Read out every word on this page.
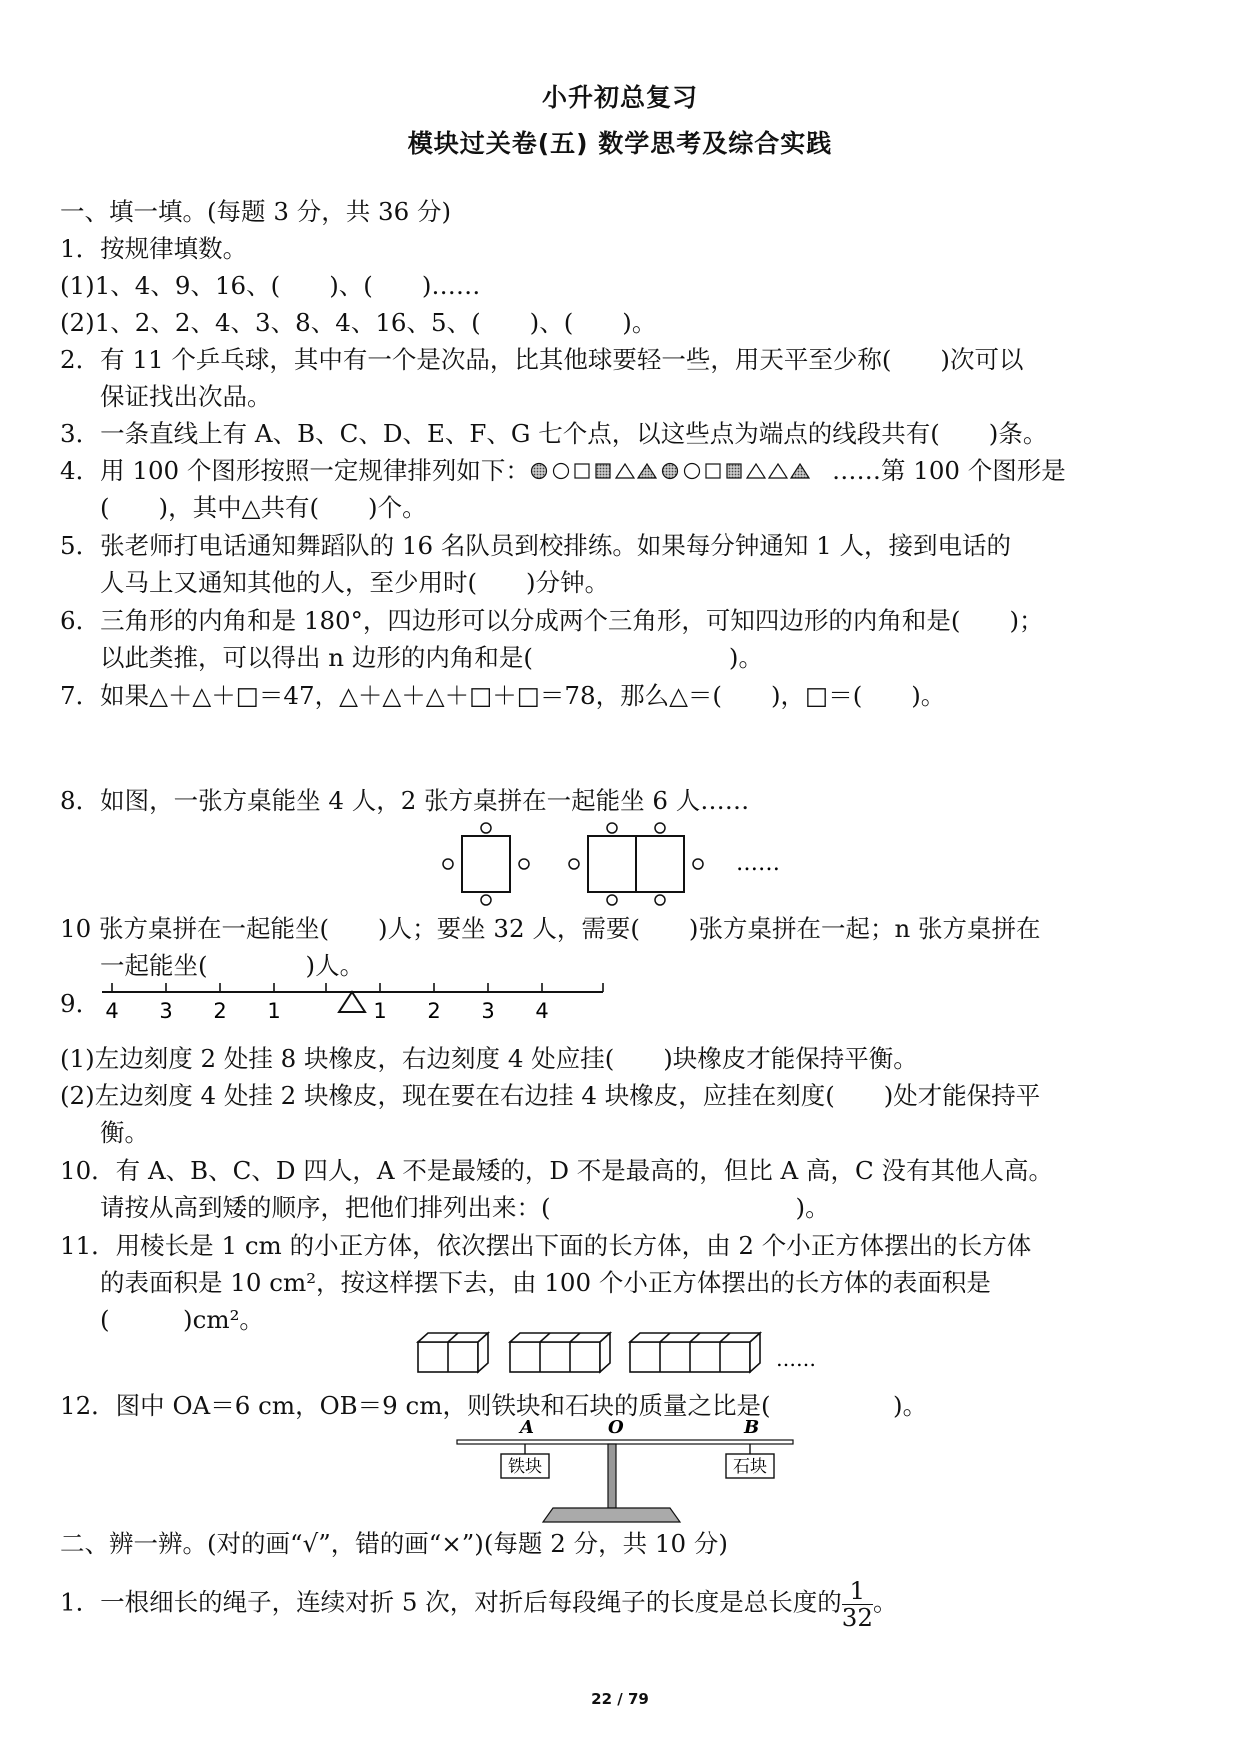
小升初总复习
模块过关卷(五) 数学思考及综合实践
一、填一填。(每题 3 分，共 36 分)
1．按规律填数。
(1)1、4、9、16、(　　)、(　　)……
(2)1、2、2、4、3、8、4、16、5、(　　)、(　　)。
2．有 11 个乒乓球，其中有一个是次品，比其他球要轻一些，用天平至少称(　　)次可以
保证找出次品。
3．一条直线上有 A、B、C、D、E、F、G 七个点，以这些点为端点的线段共有(　　)条。
4．用 100 个图形按照一定规律排列如下：	……第 100 个图形是
(　　)，其中△共有(　　)个。
5．张老师打电话通知舞蹈队的 16 名队员到校排练。如果每分钟通知 1 人，接到电话的
人马上又通知其他的人，至少用时(　　)分钟。
6．三角形的内角和是 180°，四边形可以分成两个三角形，可知四边形的内角和是(　　)；
以此类推，可以得出 n 边形的内角和是(　　　　　　　　)。
7．如果△＋△＋□＝47，△＋△＋△＋□＋□＝78，那么△＝(　　)，□＝(　　)。
8．如图，一张方桌能坐 4 人，2 张方桌拼在一起能坐 6 人……
……
10 张方桌拼在一起能坐(　　)人；要坐 32 人，需要(　　)张方桌拼在一起；n 张方桌拼在
一起能坐(　　　　)人。
9． 4 3 2 1	1 2 3 4
(1)左边刻度 2 处挂 8 块橡皮，右边刻度 4 处应挂(　　)块橡皮才能保持平衡。
(2)左边刻度 4 处挂 2 块橡皮，现在要在右边挂 4 块橡皮，应挂在刻度(　　)处才能保持平
衡。
10．有 A、B、C、D 四人，A 不是最矮的，D 不是最高的，但比 A 高，C 没有其他人高。
请按从高到矮的顺序，把他们排列出来：(　　　　　　　　　　)。
11．用棱长是 1 cm 的小正方体，依次摆出下面的长方体，由 2 个小正方体摆出的长方体
的表面积是 10 cm²，按这样摆下去，由 100 个小正方体摆出的长方体的表面积是
(　　　)cm²。
……
12．图中 OA＝6 cm，OB＝9 cm，则铁块和石块的质量之比是(　　　　　)。
A	O	B
铁块	石块
二、辨一辨。(对的画“√”，错的画“×”)(每题 2 分，共 10 分)
1．一根细长的绳子，连续对折 5 次，对折后每段绳子的长度是总长度的 $\frac{1}{32}$ 。
22 / 79
